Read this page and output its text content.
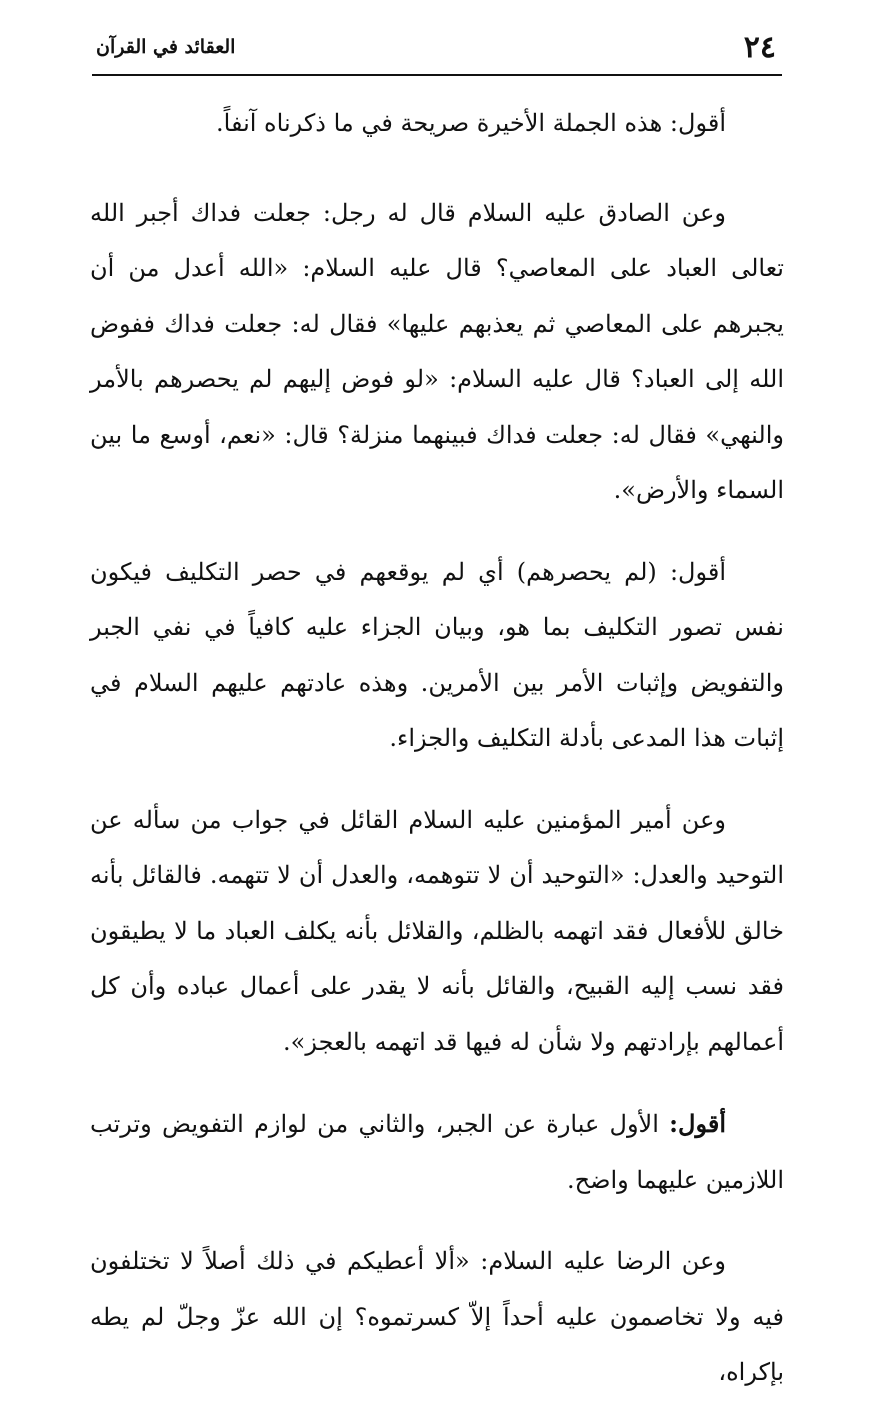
٢٤
العقائد في القرآن

أقول: هذه الجملة الأخيرة صريحة في ما ذكرناه آنفاً.

وعن الصادق عليه السلام قال له رجل: جعلت فداك أجبر الله تعالى العباد على المعاصي؟ قال عليه السلام: «الله أعدل من أن يجبرهم على المعاصي ثم يعذبهم عليها» فقال له: جعلت فداك ففوض الله إلى العباد؟ قال عليه السلام: «لو فوض إليهم لم يحصرهم بالأمر والنهي» فقال له: جعلت فداك فبينهما منزلة؟ قال: «نعم، أوسع ما بين السماء والأرض».

أقول: (لم يحصرهم) أي لم يوقعهم في حصر التكليف فيكون نفس تصور التكليف بما هو، وبيان الجزاء عليه كافياً في نفي الجبر والتفويض وإثبات الأمر بين الأمرين. وهذه عادتهم عليهم السلام في إثبات هذا المدعى بأدلة التكليف والجزاء.

وعن أمير المؤمنين عليه السلام القائل في جواب من سأله عن التوحيد والعدل: «التوحيد أن لا تتوهمه، والعدل أن لا تتهمه. فالقائل بأنه خالق للأفعال فقد اتهمه بالظلم، والقلائل بأنه يكلف العباد ما لا يطيقون فقد نسب إليه القبيح، والقائل بأنه لا يقدر على أعمال عباده وأن كل أعمالهم بإرادتهم ولا شأن له فيها قد اتهمه بالعجز».

أقول: الأول عبارة عن الجبر، والثاني من لوازم التفويض وترتب اللازمين عليهما واضح.

وعن الرضا عليه السلام: «ألا أعطيكم في ذلك أصلاً لا تختلفون فيه ولا تخاصمون عليه أحداً إلاّ كسرتموه؟ إن الله عزّ وجلّ لم يطه بإكراه،
